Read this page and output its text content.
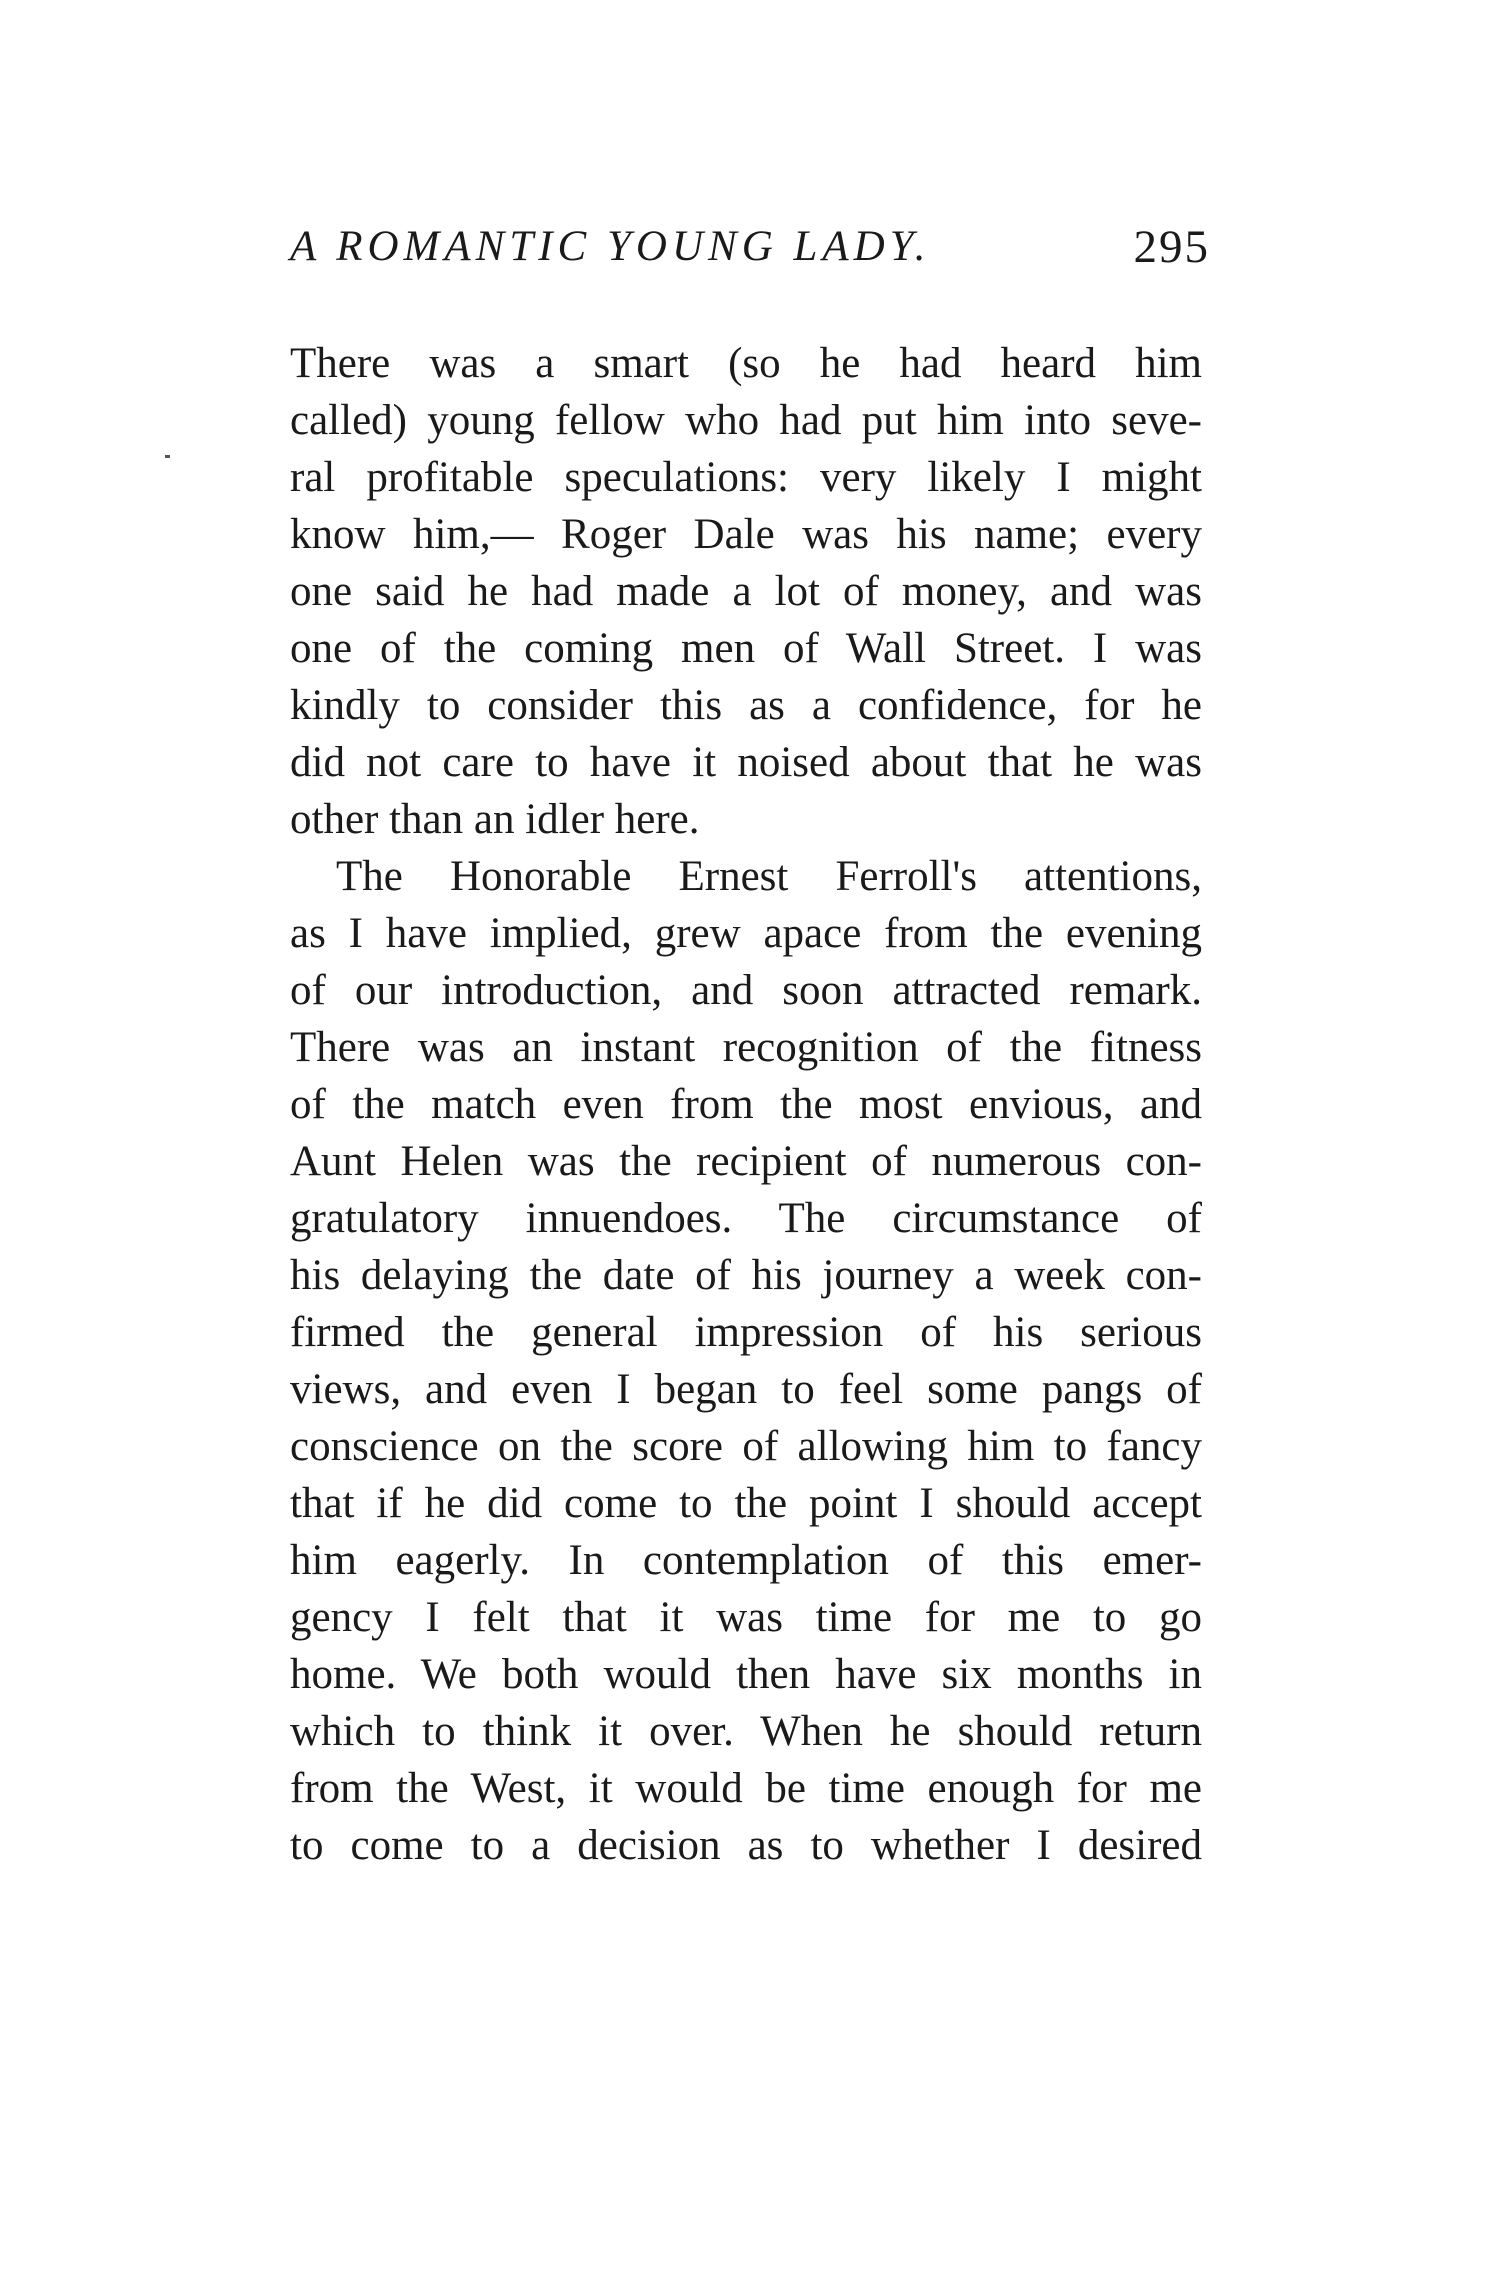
A ROMANTIC YOUNG LADY.	295
There was a smart (so he had heard him
called) young fellow who had put him into seve-
ral profitable speculations: very likely I might
know him,— Roger Dale was his name; every
one said he had made a lot of money, and was
one of the coming men of Wall Street. I was
kindly to consider this as a confidence, for he
did not care to have it noised about that he was
other than an idler here.
The Honorable Ernest Ferroll's attentions,
as I have implied, grew apace from the evening
of our introduction, and soon attracted remark.
There was an instant recognition of the fitness
of the match even from the most envious, and
Aunt Helen was the recipient of numerous con-
gratulatory innuendoes. The circumstance of
his delaying the date of his journey a week con-
firmed the general impression of his serious
views, and even I began to feel some pangs of
conscience on the score of allowing him to fancy
that if he did come to the point I should accept
him eagerly. In contemplation of this emer-
gency I felt that it was time for me to go
home. We both would then have six months in
which to think it over. When he should return
from the West, it would be time enough for me
to come to a decision as to whether I desired
